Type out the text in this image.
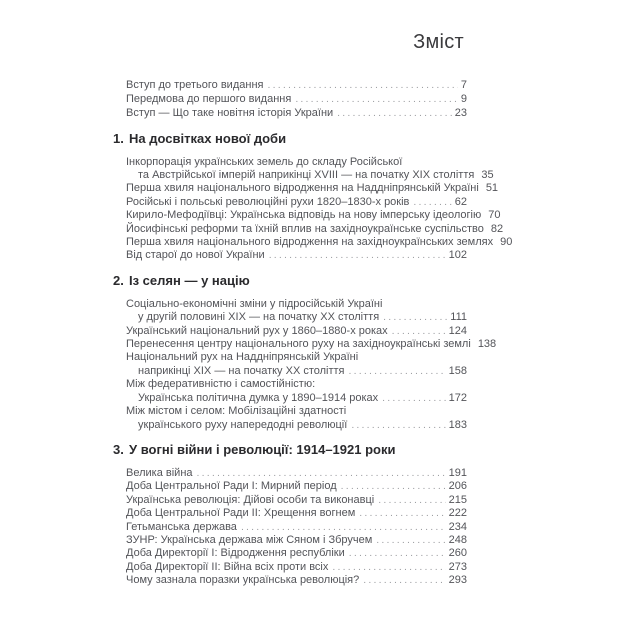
Зміст
Вступ до третього видання .....	7
Передмова до першого видання .....	9
Вступ — Що таке новітня історія України .....	23
1. На досвітках нової доби
Інкорпорація українських земель до складу Російської
та Австрійської імперій наприкінці XVIII — на початку XIX століття 35
Перша хвиля національного відродження на Наддніпрянській Україні 51
Російські і польські революційні рухи 1820–1830-х років .....	62
Кирило-Мефодіївці: Українська відповідь на нову імперську ідеологію 70
Йосифінські реформи та їхній вплив на західноукраїнське суспільство 82
Перша хвиля національного відродження на західноукраїнських землях 90
Від старої до нової України .....	102
2. Із селян — у націю
Соціально-економічні зміни у підросійській Україні
у другій половині XIX — на початку XX століття .....	111
Український національний рух у 1860–1880-х роках .....	124
Перенесення центру національного руху на західноукраїнські землі 138
Національний рух на Наддніпрянській Україні
наприкінці XIX — на початку XX століття .....	158
Між федеративністю і самостійністю:
Українська політична думка у 1890–1914 роках .....	172
Між містом і селом: Мобілізаційні здатності
українського руху напередодні революції .....	183
3. У вогні війни і революції: 1914–1921 роки
Велика війна .....	191
Доба Центральної Ради I: Мирний період .....	206
Українська революція: Дійові особи та виконавці .....	215
Доба Центральної Ради II: Хрещення вогнем .....	222
Гетьманська держава .....	234
ЗУНР: Українська держава між Сяном і Збручем .....	248
Доба Директорії I: Відродження республіки .....	260
Доба Директорії II: Війна всіх проти всіх .....	273
Чому зазнала поразки українська революція? .....	293
